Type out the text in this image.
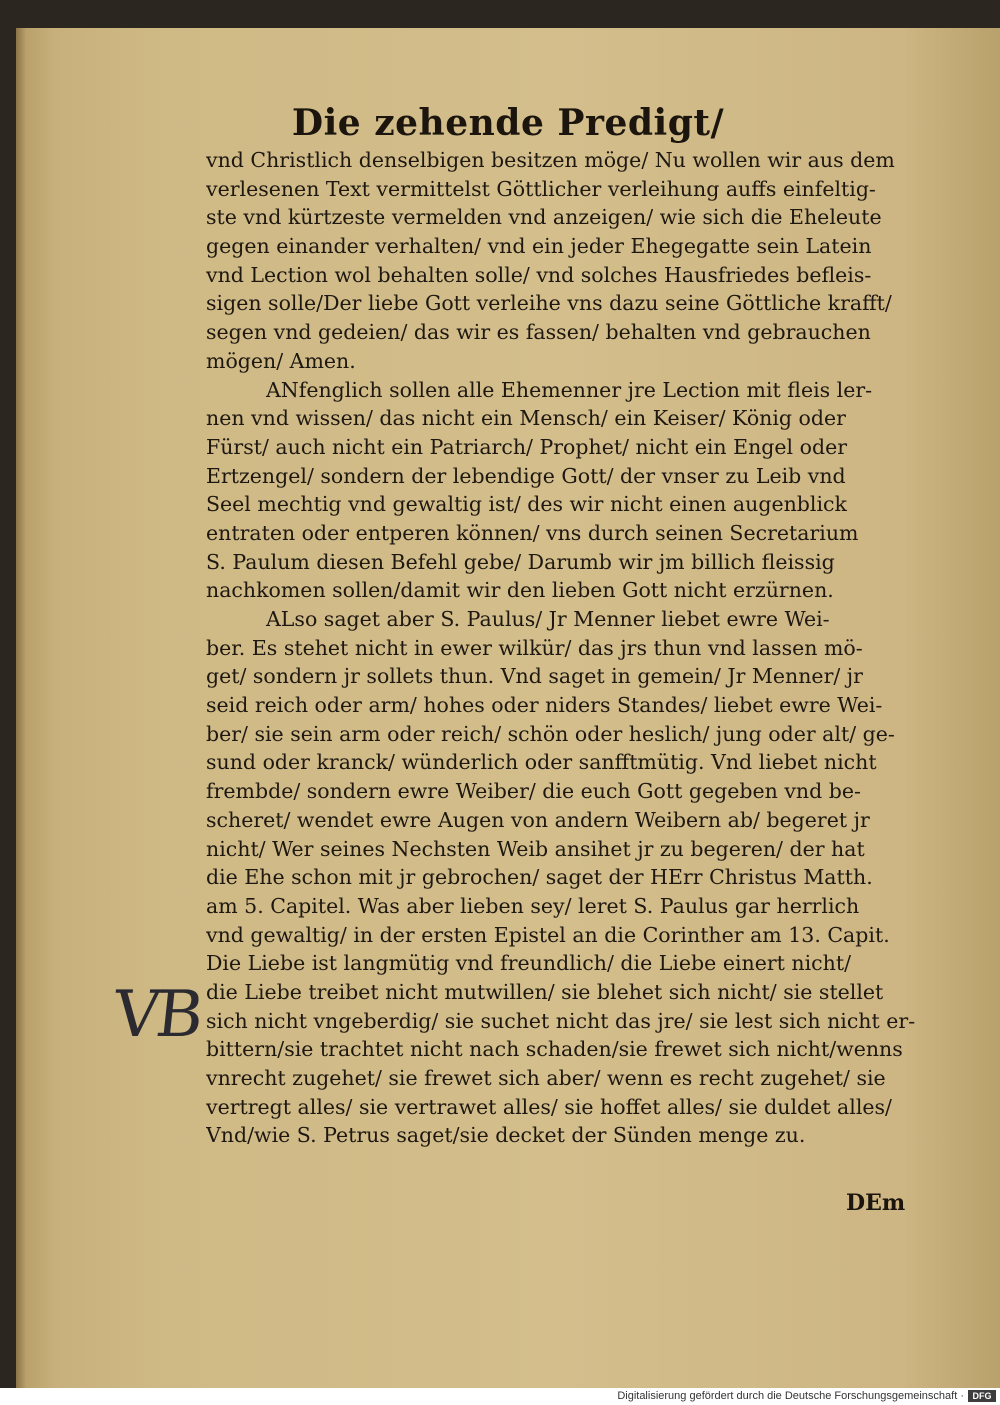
Die zehende Predigt/
vnd Christlich denselbigen besitzen möge/ Nu wollen wir aus dem
verlesenen Text vermittelst Göttlicher verleihung auffs einfeltig-
ste vnd kürtzeste vermelden vnd anzeigen/ wie sich die Eheleute
gegen einander verhalten/ vnd ein jeder Ehegegatte sein Latein
vnd Lection wol behalten solle/ vnd solches Hausfriedes befleis-
sigen solle/Der liebe Gott verleihe vns dazu seine Göttliche krafft/
segen vnd gedeien/ das wir es fassen/ behalten vnd gebrauchen
mögen/ Amen.
ANfenglich sollen alle Ehemenner jre Lection mit fleis ler-
nen vnd wissen/ das nicht ein Mensch/ ein Keiser/ König oder
Fürst/ auch nicht ein Patriarch/ Prophet/ nicht ein Engel oder
Ertzengel/ sondern der lebendige Gott/ der vnser zu Leib vnd
Seel mechtig vnd gewaltig ist/ des wir nicht einen augenblick
entraten oder entperen können/ vns durch seinen Secretarium
S. Paulum diesen Befehl gebe/ Darumb wir jm billich fleissig
nachkomen sollen/damit wir den lieben Gott nicht erzürnen.
ALso saget aber S. Paulus/ Jr Menner liebet ewre Wei-
ber. Es stehet nicht in ewer wilkür/ das jrs thun vnd lassen mö-
get/ sondern jr sollets thun. Vnd saget in gemein/ Jr Menner/ jr
seid reich oder arm/ hohes oder niders Standes/ liebet ewre Wei-
ber/ sie sein arm oder reich/ schön oder heslich/ jung oder alt/ ge-
sund oder kranck/ wünderlich oder sanfftmütig. Vnd liebet nicht
frembde/ sondern ewre Weiber/ die euch Gott gegeben vnd be-
scheret/ wendet ewre Augen von andern Weibern ab/ begeret jr
nicht/ Wer seines Nechsten Weib ansihet jr zu begeren/ der hat
die Ehe schon mit jr gebrochen/ saget der HErr Christus Matth.
am 5. Capitel. Was aber lieben sey/ leret S. Paulus gar herrlich
vnd gewaltig/ in der ersten Epistel an die Corinther am 13. Capit.
Die Liebe ist langmütig vnd freundlich/ die Liebe einert nicht/
die Liebe treibet nicht mutwillen/ sie blehet sich nicht/ sie stellet
sich nicht vngeberdig/ sie suchet nicht das jre/ sie lest sich nicht er-
bittern/sie trachtet nicht nach schaden/sie frewet sich nicht/wenns
vnrecht zugehet/ sie frewet sich aber/ wenn es recht zugehet/ sie
vertregt alles/ sie vertrawet alles/ sie hoffet alles/ sie duldet alles/
Vnd/wie S. Petrus saget/sie decket der Sünden menge zu.
VB
DEm
Digitalisierung gefördert durch die Deutsche Forschungsgemeinschaft · DFG
